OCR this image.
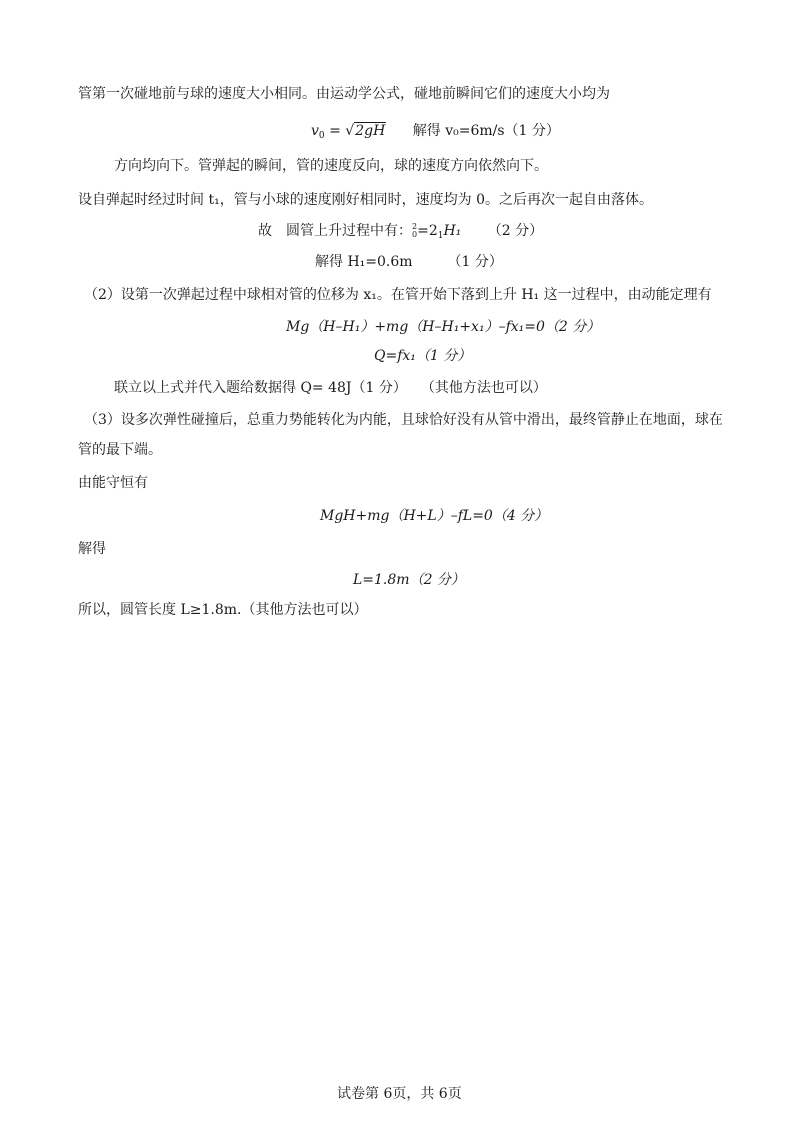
管第一次碰地前与球的速度大小相同。由运动学公式，碰地前瞬间它们的速度大小均为
$v_0 = √2gH$ 解得 v₀=6m/s（1 分）
方向均向下。管弹起的瞬间，管的速度反向，球的速度方向依然向下。
设自弹起时经过时间 t₁，管与小球的速度刚好相同时，速度均为 0。之后再次一起自由落体。
故　圆管上升过程中有：2
$0=2_1H_1$ （2 分）
解得 H₁=0.6m　　　（1 分）
（2）设第一次弹起过程中球相对管的位移为 x₁。在管开始下落到上升 H₁ 这一过程中，由动能定理有
Mg（H–H₁）+mg（H–H₁+x₁）–fx₁=0（2 分）
Q=fx₁（1 分）
联立以上式并代入题给数据得 Q= 48J（1 分）　　（其他方法也可以）
（3）设多次弹性碰撞后，总重力势能转化为内能，且球恰好没有从管中滑出，最终管静止在地面，球在
管的最下端。
由能守恒有
MgH+mg（H+L）–fL=0（4 分）
解得
L=1.8m（2 分）
所以，圆管长度 L≥1.8m.（其他方法也可以）
试卷第 6页，共 6页
